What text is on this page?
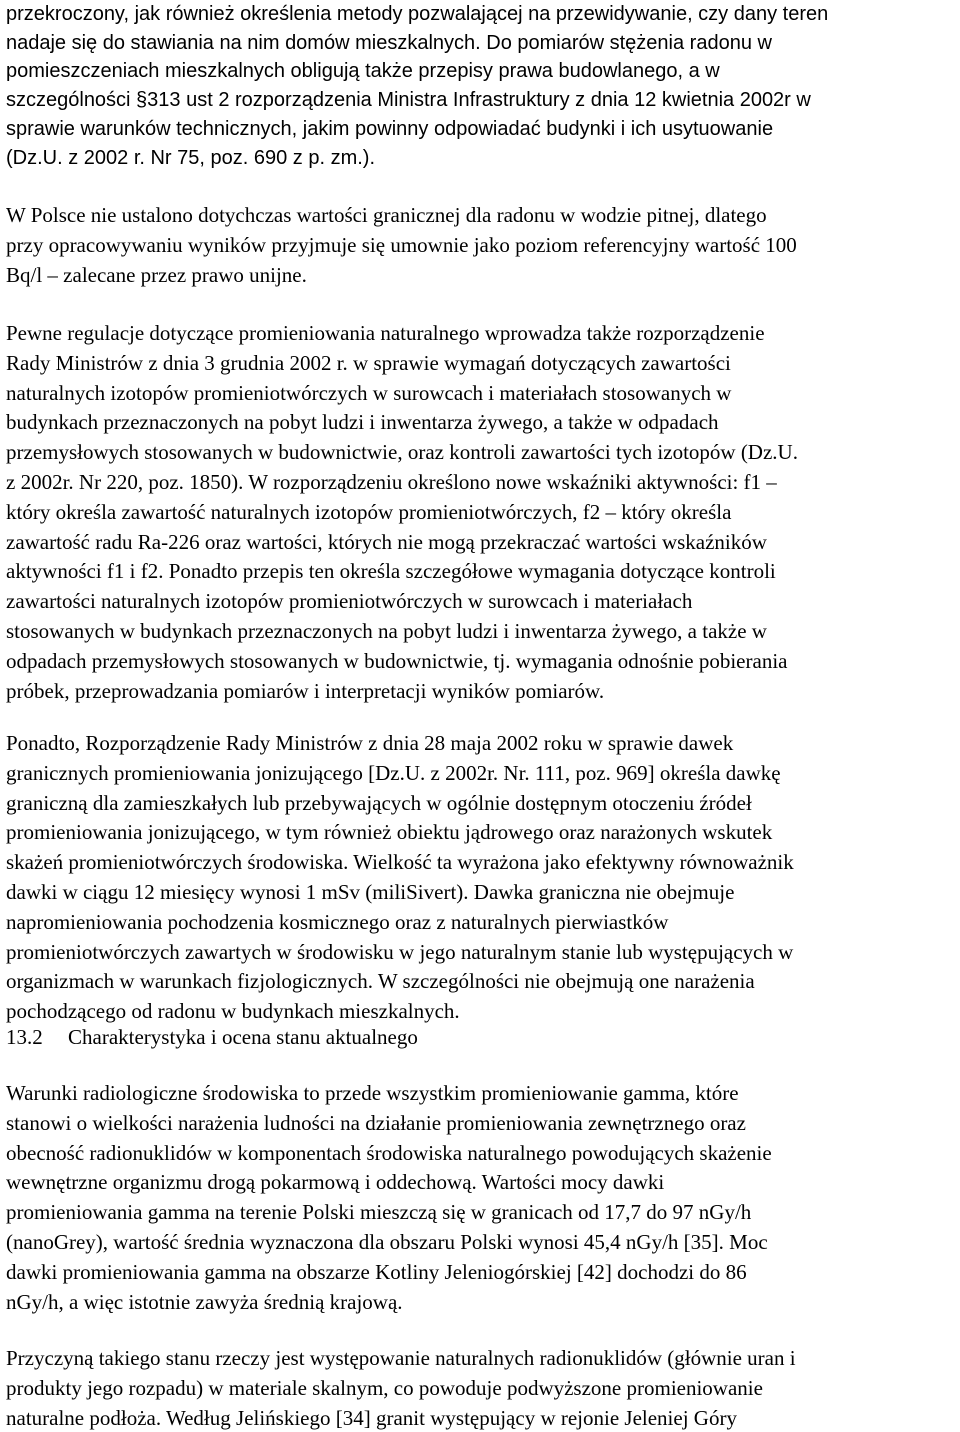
przekroczony, jak również określenia metody pozwalającej na przewidywanie, czy dany teren
nadaje się do stawiania na nim domów mieszkalnych. Do pomiarów stężenia radonu w
pomieszczeniach mieszkalnych obligują także przepisy prawa budowlanego, a w
szczególności §313 ust 2 rozporządzenia Ministra Infrastruktury z dnia 12 kwietnia 2002r w
sprawie warunków technicznych, jakim powinny odpowiadać budynki i ich usytuowanie
(Dz.U. z 2002 r. Nr 75, poz. 690 z p. zm.).
W Polsce nie ustalono dotychczas wartości granicznej dla radonu w wodzie pitnej, dlatego
przy opracowywaniu wyników przyjmuje się umownie jako poziom referencyjny wartość 100
Bq/l – zalecane przez prawo unijne.
Pewne regulacje dotyczące promieniowania naturalnego wprowadza także rozporządzenie
Rady Ministrów z dnia 3 grudnia 2002 r. w sprawie wymagań dotyczących zawartości
naturalnych izotopów promieniotwórczych w surowcach i materiałach stosowanych w
budynkach przeznaczonych na pobyt ludzi i inwentarza żywego, a także w odpadach
przemysłowych stosowanych w budownictwie, oraz kontroli zawartości tych izotopów (Dz.U.
z 2002r. Nr 220, poz. 1850). W rozporządzeniu określono nowe wskaźniki aktywności: f1 –
który określa zawartość naturalnych izotopów promieniotwórczych, f2 – który określa
zawartość radu Ra-226 oraz wartości, których nie mogą przekraczać wartości wskaźników
aktywności f1 i f2. Ponadto przepis ten określa szczegółowe wymagania dotyczące kontroli
zawartości naturalnych izotopów promieniotwórczych w surowcach i materiałach
stosowanych w budynkach przeznaczonych na pobyt ludzi i inwentarza żywego, a także w
odpadach przemysłowych stosowanych w budownictwie, tj. wymagania odnośnie pobierania
próbek, przeprowadzania pomiarów i interpretacji wyników pomiarów.
Ponadto, Rozporządzenie Rady Ministrów z dnia 28 maja 2002 roku w sprawie dawek
granicznych promieniowania jonizującego [Dz.U. z 2002r. Nr. 111, poz. 969] określa dawkę
graniczną dla zamieszkałych lub przebywających w ogólnie dostępnym otoczeniu źródeł
promieniowania jonizującego, w tym również obiektu jądrowego oraz narażonych wskutek
skażeń promieniotwórczych środowiska. Wielkość ta wyrażona jako efektywny równoważnik
dawki w ciągu 12 miesięcy wynosi 1 mSv (miliSivert). Dawka graniczna nie obejmuje
napromieniowania pochodzenia kosmicznego oraz z naturalnych pierwiastków
promieniotwórczych zawartych w środowisku w jego naturalnym stanie lub występujących w
organizmach w warunkach fizjologicznych. W szczególności nie obejmują one narażenia
pochodzącego od radonu w budynkach mieszkalnych.
13.2 Charakterystyka i ocena stanu aktualnego
Warunki radiologiczne środowiska to przede wszystkim promieniowanie gamma, które
stanowi o wielkości narażenia ludności na działanie promieniowania zewnętrznego oraz
obecność radionuklidów w komponentach środowiska naturalnego powodujących skażenie
wewnętrzne organizmu drogą pokarmową i oddechową. Wartości mocy dawki
promieniowania gamma na terenie Polski mieszczą się w granicach od 17,7 do 97 nGy/h
(nanoGrey), wartość średnia wyznaczona dla obszaru Polski wynosi 45,4 nGy/h [35]. Moc
dawki promieniowania gamma na obszarze Kotliny Jeleniogórskiej [42] dochodzi do 86
nGy/h, a więc istotnie zawyża średnią krajową.
Przyczyną takiego stanu rzeczy jest występowanie naturalnych radionuklidów (głównie uran i
produkty jego rozpadu) w materiale skalnym, co powoduje podwyższone promieniowanie
naturalne podłoża. Według Jelińskiego [34] granit występujący w rejonie Jeleniej Góry
